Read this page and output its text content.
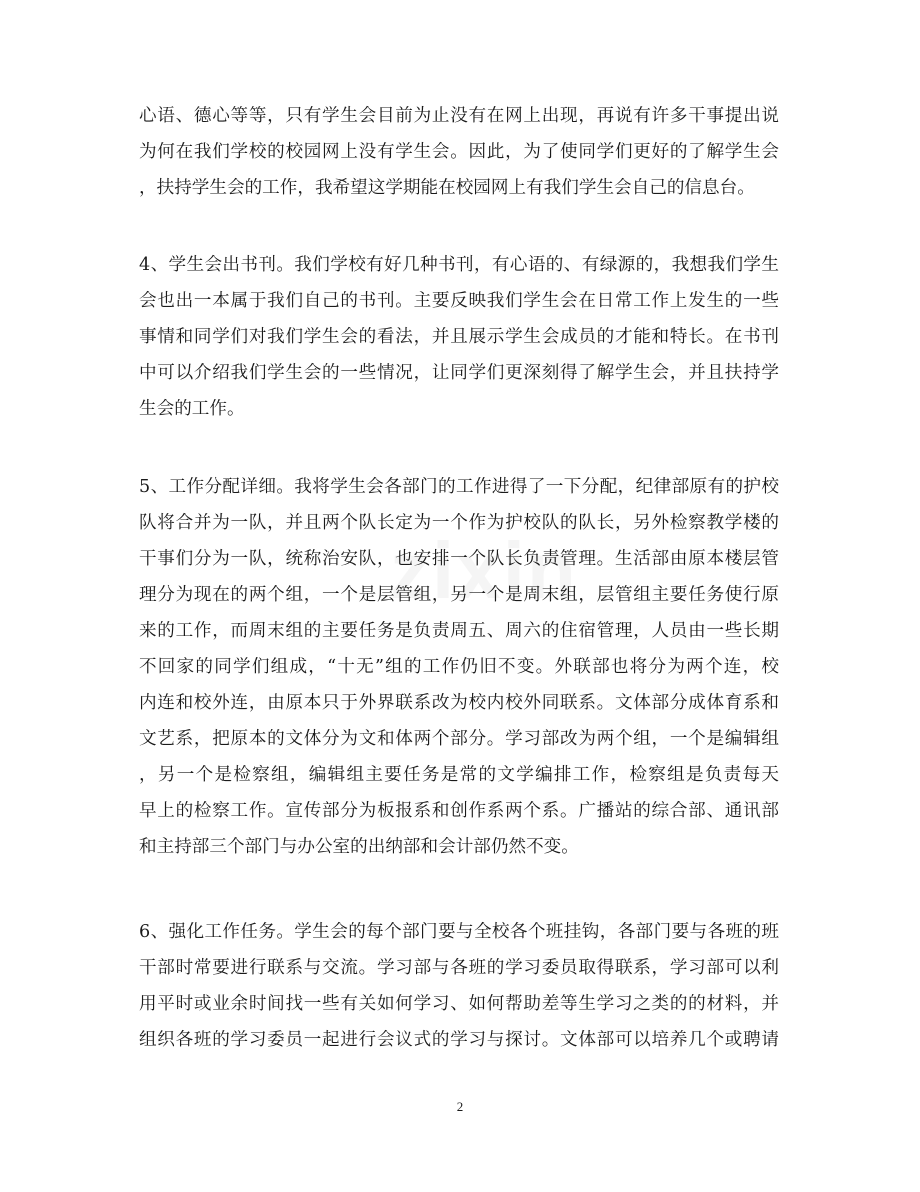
zixin
心语、德心等等，只有学生会目前为止没有在网上出现，再说有许多干事提出说
为何在我们学校的校园网上没有学生会。因此，为了使同学们更好的了解学生会
，扶持学生会的工作，我希望这学期能在校园网上有我们学生会自己的信息台。
4、学生会出书刊。我们学校有好几种书刊，有心语的、有绿源的，我想我们学生
会也出一本属于我们自己的书刊。主要反映我们学生会在日常工作上发生的一些
事情和同学们对我们学生会的看法，并且展示学生会成员的才能和特长。在书刊
中可以介绍我们学生会的一些情况，让同学们更深刻得了解学生会，并且扶持学
生会的工作。
5、工作分配详细。我将学生会各部门的工作进得了一下分配，纪律部原有的护校
队将合并为一队，并且两个队长定为一个作为护校队的队长，另外检察教学楼的
干事们分为一队，统称治安队，也安排一个队长负责管理。生活部由原本楼层管
理分为现在的两个组，一个是层管组，另一个是周末组，层管组主要任务使行原
来的工作，而周末组的主要任务是负责周五、周六的住宿管理，人员由一些长期
不回家的同学们组成，“十无”组的工作仍旧不变。外联部也将分为两个连，校
内连和校外连，由原本只于外界联系改为校内校外同联系。文体部分成体育系和
文艺系，把原本的文体分为文和体两个部分。学习部改为两个组，一个是编辑组
，另一个是检察组，编辑组主要任务是常的文学编排工作，检察组是负责每天
早上的检察工作。宣传部分为板报系和创作系两个系。广播站的综合部、通讯部
和主持部三个部门与办公室的出纳部和会计部仍然不变。
6、强化工作任务。学生会的每个部门要与全校各个班挂钩，各部门要与各班的班
干部时常要进行联系与交流。学习部与各班的学习委员取得联系，学习部可以利
用平时或业余时间找一些有关如何学习、如何帮助差等生学习之类的的材料，并
组织各班的学习委员一起进行会议式的学习与探讨。文体部可以培养几个或聘请
2
